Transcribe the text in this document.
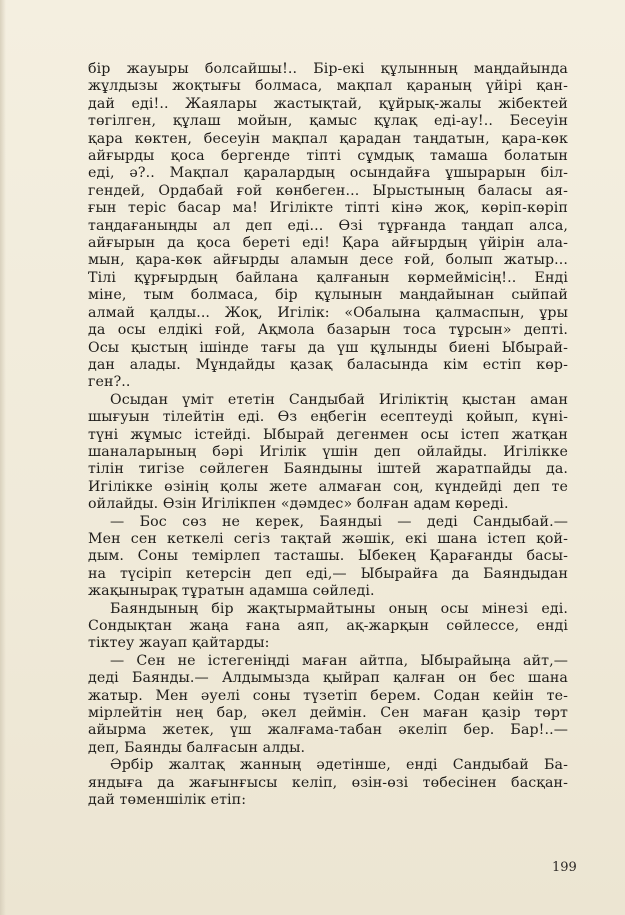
бір жауыры болсайшы!.. Бір-екі құлынның маңдайында
жұлдызы жоқтығы болмаса, мақпал қараның үйірі қан-
дай еді!.. Жаялары жастықтай, құйрық-жалы жібектей
төгілген, құлаш мойын, қамыс құлақ еді-ау!.. Бесеуін
қара көктен, бесеуін мақпал қарадан таңдатын, қара-көк
айғырды қоса бергенде тіпті сұмдық тамаша болатын
еді, ә?.. Мақпал қаралардың осындайға ұшырарын біл-
гендей, Ордабай ғой көнбеген... Ырыстының баласы ая-
ғын теріс басар ма! Игілікте тіпті кінә жоқ, көріп-көріп
таңдағаныңды ал деп еді... Өзі тұрғанда таңдап алса,
айғырын да қоса береті еді! Қара айғырдың үйірін ала-
мын, қара-көк айғырды аламын десе ғой, болып жатыр...
Тілі құрғырдың байлана қалғанын көрмеймісің!.. Енді
міне, тым болмаса, бір құлынын маңдайынан сыйпай
алмай қалды... Жоқ, Игілік: «Обалына қалмаспын, ұры
да осы елдікі ғой, Ақмола базарын тоса тұрсын» депті.
Осы қыстың ішінде тағы да үш құлынды биені Ыбырай-
дан алады. Мұндайды қазақ баласында кім естіп көр-
ген?..
Осыдан үміт ететін Сандыбай Игіліктің қыстан аман
шығуын тілейтін еді. Өз еңбегін есептеуді қойып, күні-
түні жұмыс істейді. Ыбырай дегенмен осы істеп жатқан
шаналарының бәрі Игілік үшін деп ойлайды. Игілікке
тілін тигізе сөйлеген Баяндыны іштей жаратпайды да.
Игілікке өзінің қолы жете алмаған соң, күндейді деп те
ойлайды. Өзін Игілікпен «дәмдес» болған адам көреді.
— Бос сөз не керек, Баяндыі — деді Сандыбай.—
Мен сен кеткелі сегіз тақтай жәшік, екі шана істеп қой-
дым. Соны темірлеп тасташы. Ыбекең Қарағанды басы-
на түсіріп кетерсін деп еді,— Ыбырайға да Баяндыдан
жақынырақ тұратын адамша сөйледі.
Баяндының бір жақтырмайтыны оның осы мінезі еді.
Сондықтан жаңа ғана аяп, ақ-жарқын сөйлессе, енді
тіктеу жауап қайтарды:
— Сен не істегеніңді маған айтпа, Ыбырайыңа айт,—
деді Баянды.— Алдымызда қыйрап қалған он бес шана
жатыр. Мен әуелі соны түзетіп берем. Содан кейін те-
мірлейтін нең бар, әкел деймін. Сен маған қазір төрт
айырма жетек, үш жалғама-табан әкеліп бер. Бар!..—
деп, Баянды балғасын алды.
Әрбір жалтақ жанның әдетінше, енді Сандыбай Ба-
яндыға да жағынғысы келіп, өзін-өзі төбесінен басқан-
дай төменшілік етіп:
199
